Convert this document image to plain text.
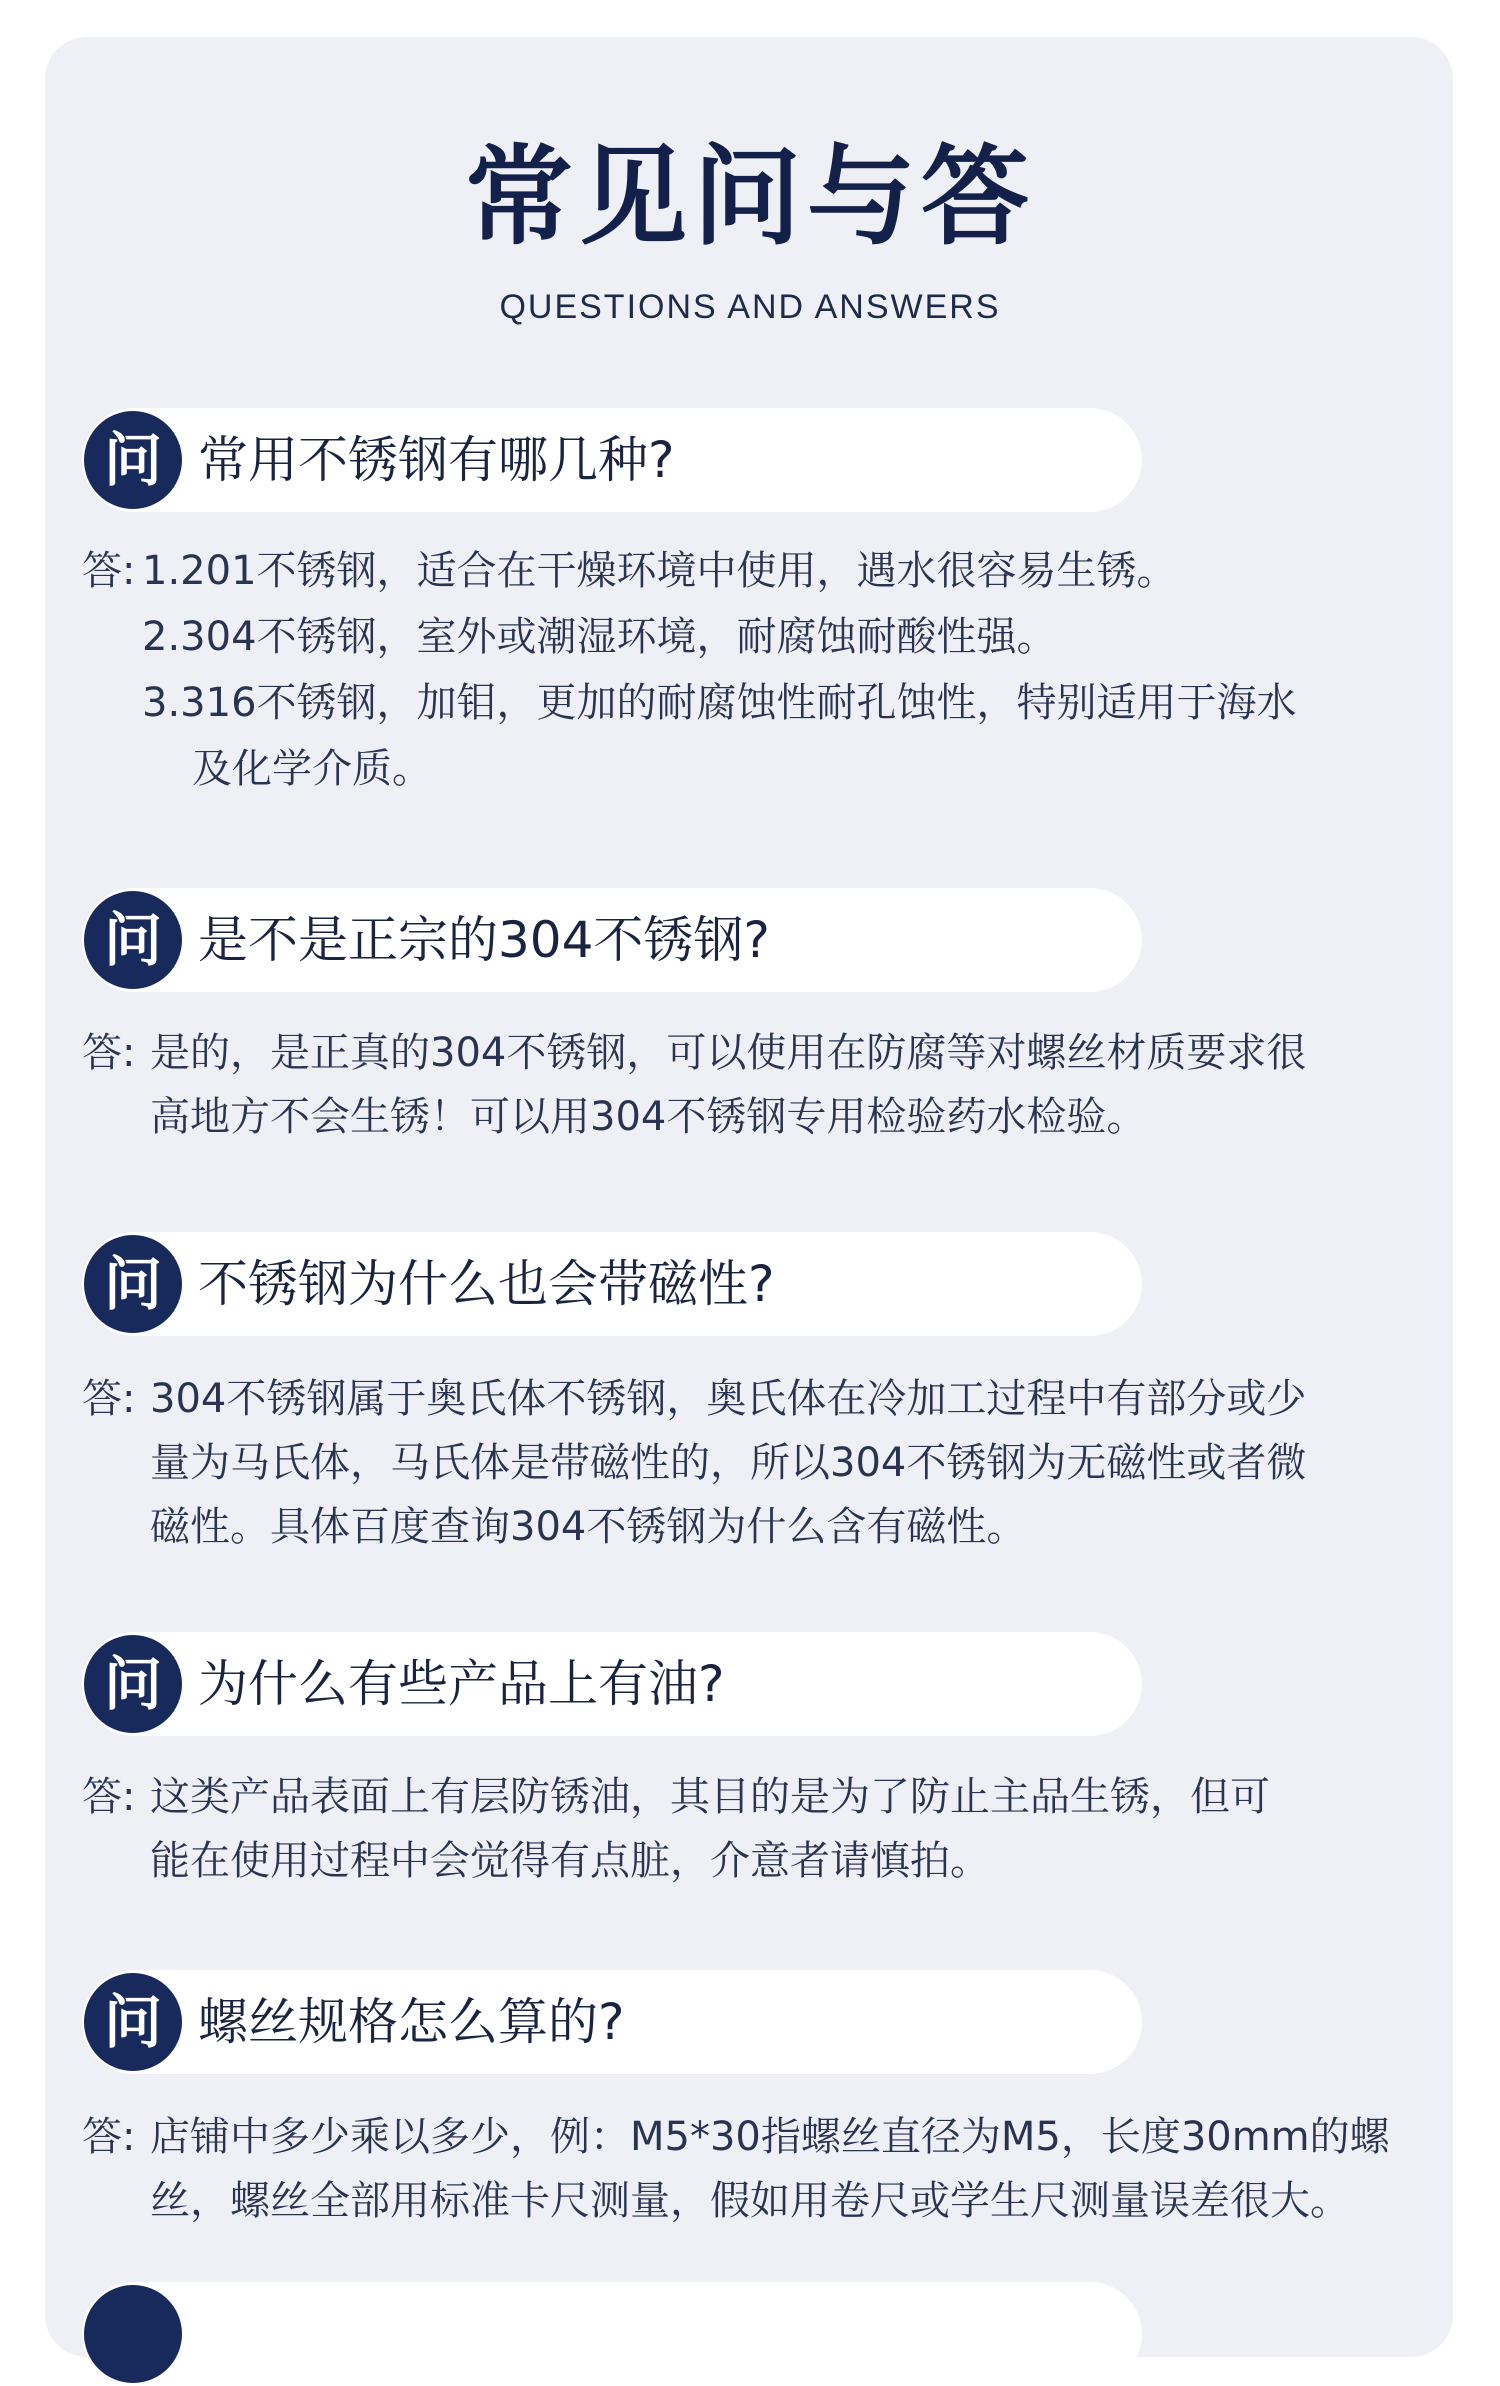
常见问与答
QUESTIONS AND ANSWERS
问 常用不锈钢有哪几种?
答: 1.201不锈钢，适合在干燥环境中使用，遇水很容易生锈。
2.304不锈钢，室外或潮湿环境，耐腐蚀耐酸性强。
3.316不锈钢，加钼，更加的耐腐蚀性耐孔蚀性，特别适用于海水
及化学介质。
问 是不是正宗的304不锈钢?
答: 是的，是正真的304不锈钢，可以使用在防腐等对螺丝材质要求很
高地方不会生锈！可以用304不锈钢专用检验药水检验。
问 不锈钢为什么也会带磁性?
答: 304不锈钢属于奥氏体不锈钢，奥氏体在冷加工过程中有部分或少
量为马氏体，马氏体是带磁性的，所以304不锈钢为无磁性或者微
磁性。具体百度查询304不锈钢为什么含有磁性。
问 为什么有些产品上有油?
答: 这类产品表面上有层防锈油，其目的是为了防止主品生锈，但可
能在使用过程中会觉得有点脏，介意者请慎拍。
问 螺丝规格怎么算的?
答: 店铺中多少乘以多少，例：M5*30指螺丝直径为M5，长度30mm的螺
丝，螺丝全部用标准卡尺测量，假如用卷尺或学生尺测量误差很大。
